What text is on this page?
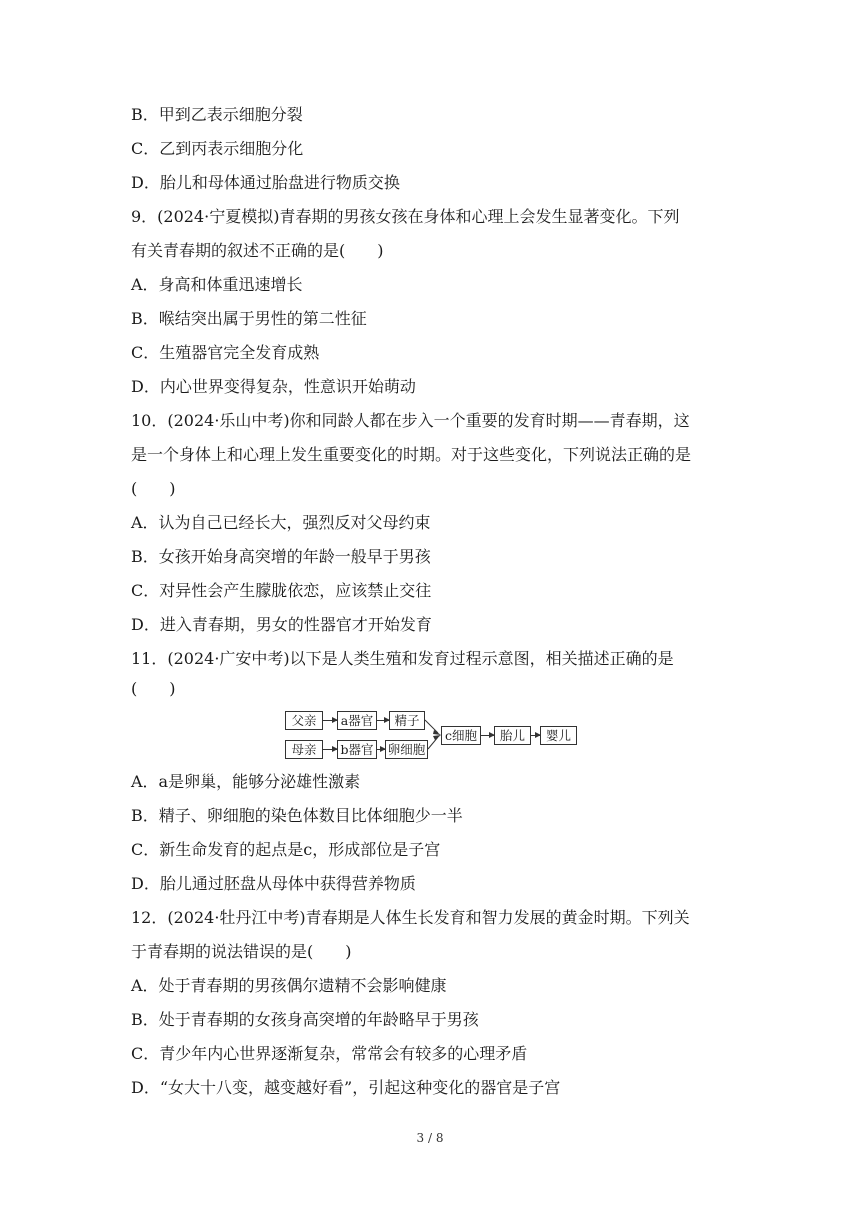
B．甲到乙表示细胞分裂
C．乙到丙表示细胞分化
D．胎儿和母体通过胎盘进行物质交换
9．(2024·宁夏模拟)青春期的男孩女孩在身体和心理上会发生显著变化。下列
有关青春期的叙述不正确的是(　　)
A．身高和体重迅速增长
B．喉结突出属于男性的第二性征
C．生殖器官完全发育成熟
D．内心世界变得复杂，性意识开始萌动
10．(2024·乐山中考)你和同龄人都在步入一个重要的发育时期——青春期，这
是一个身体上和心理上发生重要变化的时期。对于这些变化，下列说法正确的是
(　　)
A．认为自己已经长大，强烈反对父母约束
B．女孩开始身高突增的年龄一般早于男孩
C．对异性会产生朦胧依恋，应该禁止交往
D．进入青春期，男女的性器官才开始发育
11．(2024·广安中考)以下是人类生殖和发育过程示意图，相关描述正确的是
(　　)
父亲	a器官	精子
母亲	b器官 卵细胞
c细胞	胎儿	婴儿
A．a是卵巢，能够分泌雄性激素
B．精子、卵细胞的染色体数目比体细胞少一半
C．新生命发育的起点是c，形成部位是子宫
D．胎儿通过胚盘从母体中获得营养物质
12．(2024·牡丹江中考)青春期是人体生长发育和智力发展的黄金时期。下列关
于青春期的说法错误的是(　　)
A．处于青春期的男孩偶尔遗精不会影响健康
B．处于青春期的女孩身高突增的年龄略早于男孩
C．青少年内心世界逐渐复杂，常常会有较多的心理矛盾
D．“女大十八变，越变越好看”，引起这种变化的器官是子宫
3 / 8
